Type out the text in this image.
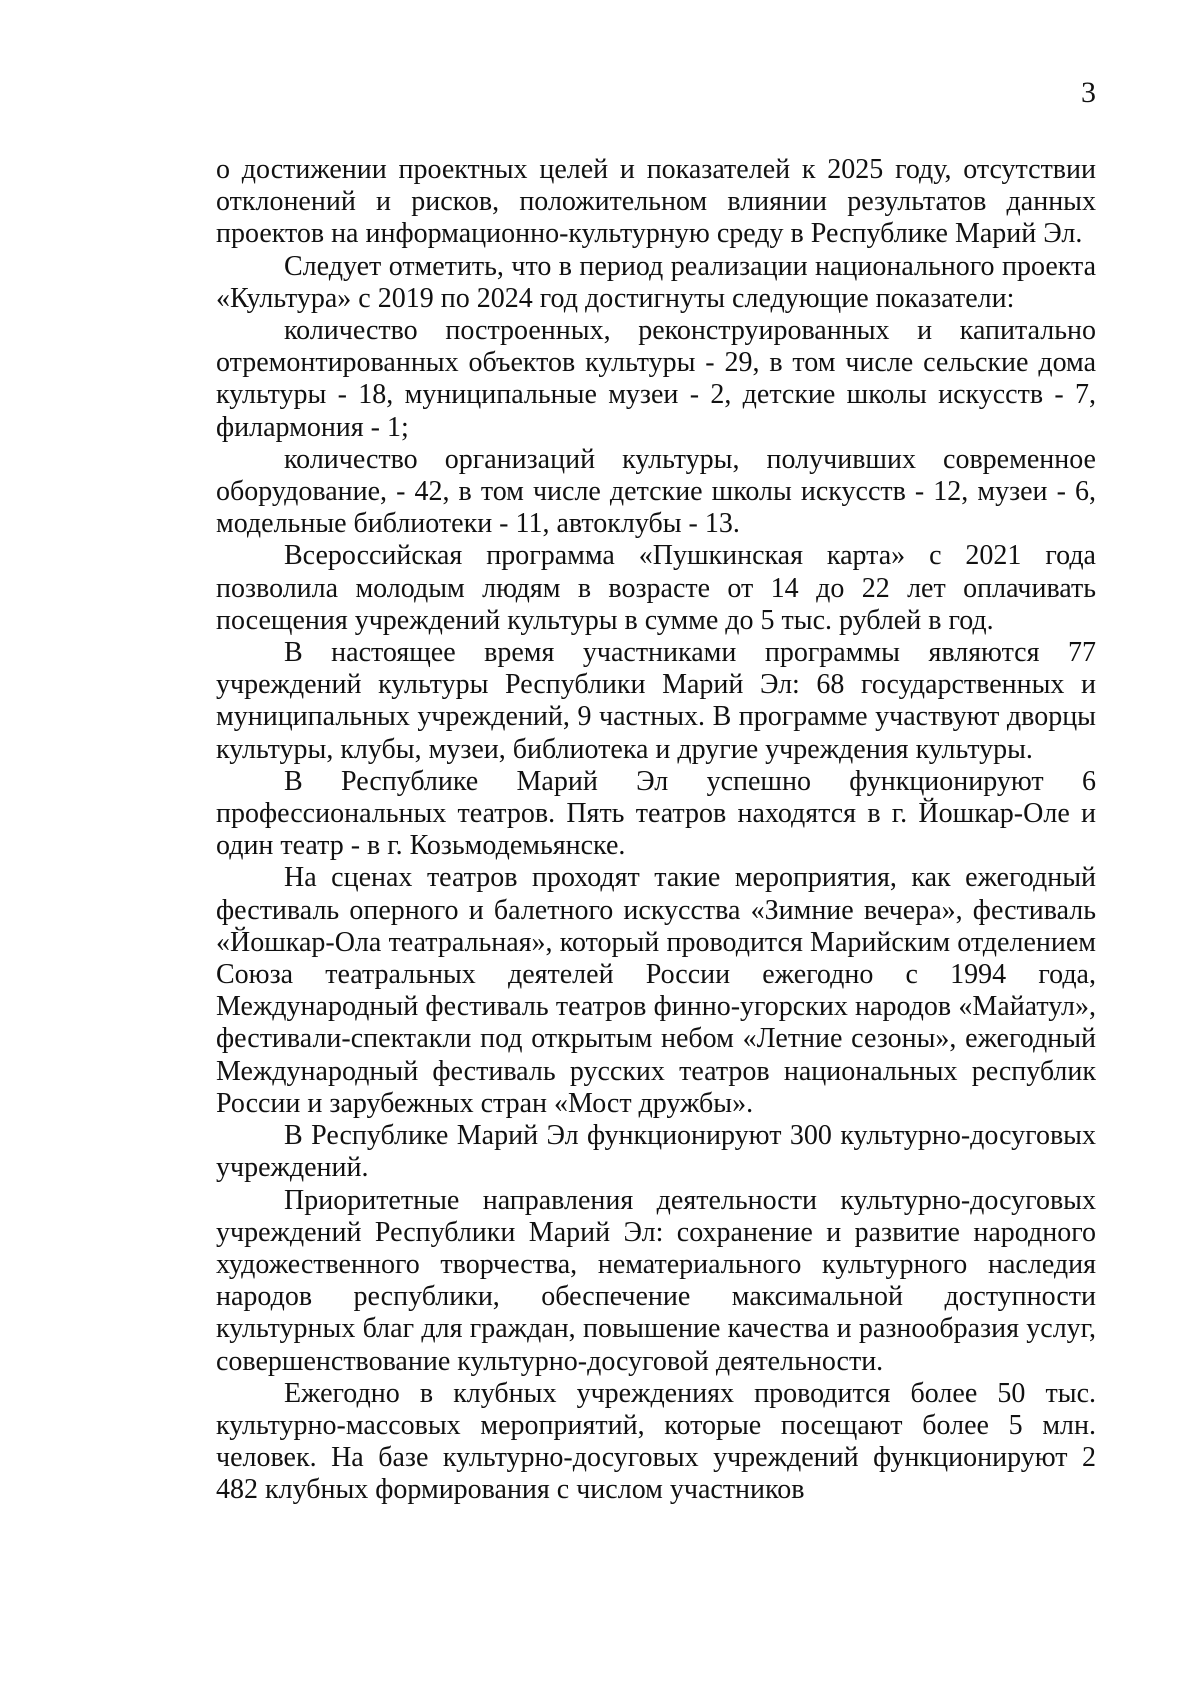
3

о достижении проектных целей и показателей к 2025 году, отсутствии отклонений и рисков, положительном влиянии результатов данных проектов на информационно-культурную среду в Республике Марий Эл.

Следует отметить, что в период реализации национального проекта «Культура» с 2019 по 2024 год достигнуты следующие показатели:

количество построенных, реконструированных и капитально отремонтированных объектов культуры - 29, в том числе сельские дома культуры - 18, муниципальные музеи - 2, детские школы искусств - 7, филармония - 1;

количество организаций культуры, получивших современное оборудование, - 42, в том числе детские школы искусств - 12, музеи - 6, модельные библиотеки - 11, автоклубы - 13.

Всероссийская программа «Пушкинская карта» с 2021 года позволила молодым людям в возрасте от 14 до 22 лет оплачивать посещения учреждений культуры в сумме до 5 тыс. рублей в год.

В настоящее время участниками программы являются 77 учреждений культуры Республики Марий Эл: 68 государственных и муниципальных учреждений, 9 частных. В программе участвуют дворцы культуры, клубы, музеи, библиотека и другие учреждения культуры.

В Республике Марий Эл успешно функционируют 6 профессиональных театров. Пять театров находятся в г. Йошкар-Оле и один театр - в г. Козьмодемьянске.

На сценах театров проходят такие мероприятия, как ежегодный фестиваль оперного и балетного искусства «Зимние вечера», фестиваль «Йошкар-Ола театральная», который проводится Марийским отделением Союза театральных деятелей России ежегодно с 1994 года, Международный фестиваль театров финно-угорских народов «Майатул», фестивали-спектакли под открытым небом «Летние сезоны», ежегодный Международный фестиваль русских театров национальных республик России и зарубежных стран «Мост дружбы».

В Республике Марий Эл функционируют 300 культурно-досуговых учреждений.

Приоритетные направления деятельности культурно-досуговых учреждений Республики Марий Эл: сохранение и развитие народного художественного творчества, нематериального культурного наследия народов республики, обеспечение максимальной доступности культурных благ для граждан, повышение качества и разнообразия услуг, совершенствование культурно-досуговой деятельности.

Ежегодно в клубных учреждениях проводится более 50 тыс. культурно-массовых мероприятий, которые посещают более 5 млн. человек. На базе культурно-досуговых учреждений функционируют 2 482 клубных формирования с числом участников
